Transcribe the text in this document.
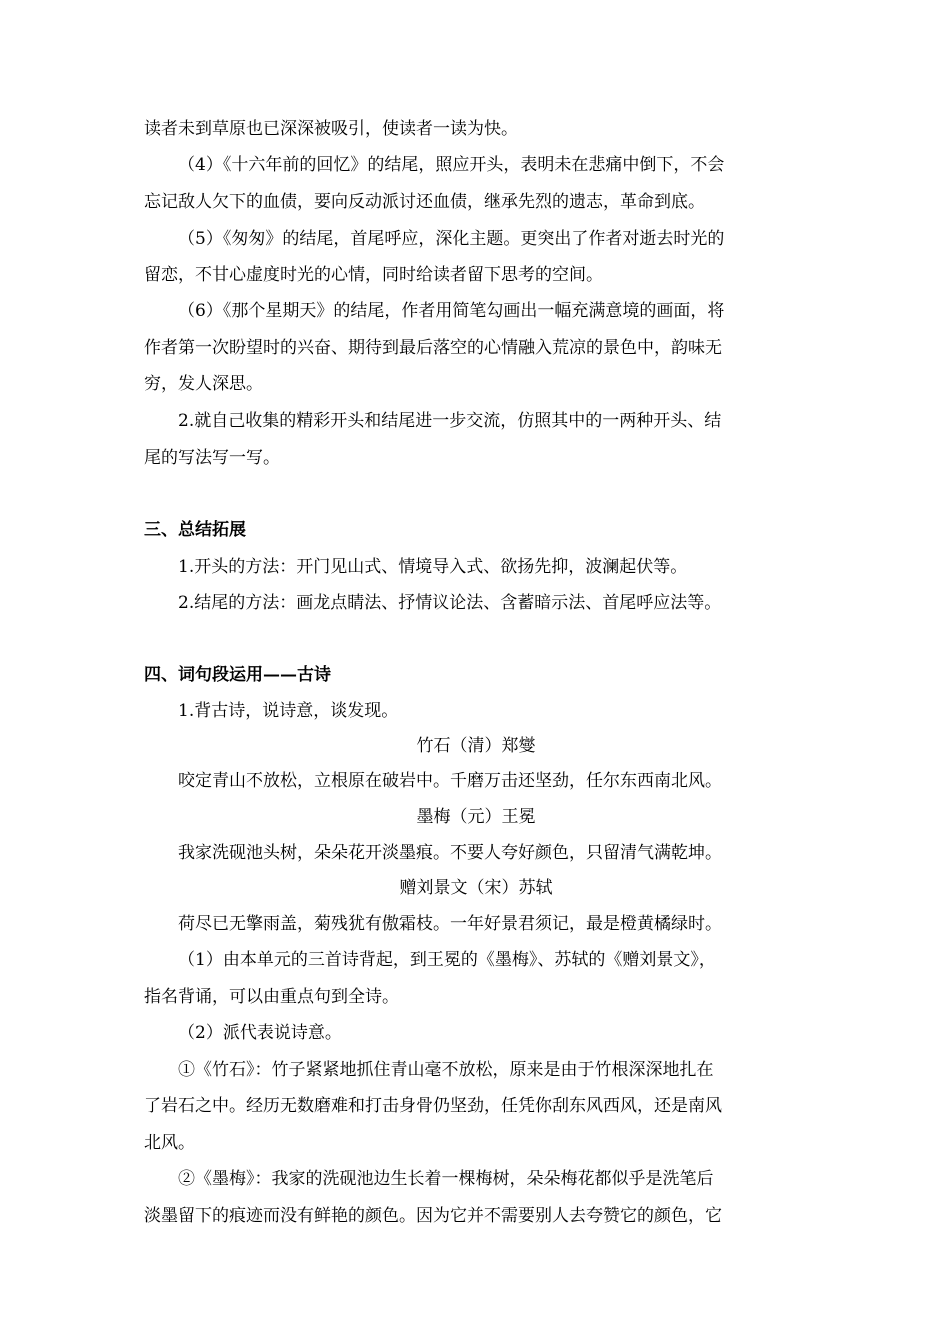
读者未到草原也已深深被吸引，使读者一读为快。
（4）《十六年前的回忆》的结尾，照应开头，表明未在悲痛中倒下，不会
忘记敌人欠下的血债，要向反动派讨还血债，继承先烈的遗志，革命到底。
（5）《匆匆》的结尾，首尾呼应，深化主题。更突出了作者对逝去时光的
留恋，不甘心虚度时光的心情，同时给读者留下思考的空间。
（6）《那个星期天》的结尾，作者用简笔勾画出一幅充满意境的画面，将
作者第一次盼望时的兴奋、期待到最后落空的心情融入荒凉的景色中，韵味无
穷，发人深思。
2.就自己收集的精彩开头和结尾进一步交流，仿照其中的一两种开头、结
尾的写法写一写。
三、总结拓展
1.开头的方法：开门见山式、情境导入式、欲扬先抑，波澜起伏等。
2.结尾的方法：画龙点睛法、抒情议论法、含蓄暗示法、首尾呼应法等。
四、词句段运用——古诗
1.背古诗，说诗意，谈发现。
竹石（清）郑燮
咬定青山不放松，立根原在破岩中。千磨万击还坚劲，任尔东西南北风。
墨梅（元）王冕
我家洗砚池头树，朵朵花开淡墨痕。不要人夸好颜色，只留清气满乾坤。
赠刘景文（宋）苏轼
荷尽已无擎雨盖，菊残犹有傲霜枝。一年好景君须记，最是橙黄橘绿时。
（1）由本单元的三首诗背起，到王冕的《墨梅》、苏轼的《赠刘景文》，
指名背诵，可以由重点句到全诗。
（2）派代表说诗意。
①《竹石》：竹子紧紧地抓住青山毫不放松，原来是由于竹根深深地扎在
了岩石之中。经历无数磨难和打击身骨仍坚劲，任凭你刮东风西风，还是南风
北风。
②《墨梅》：我家的洗砚池边生长着一棵梅树，朵朵梅花都似乎是洗笔后
淡墨留下的痕迹而没有鲜艳的颜色。因为它并不需要别人去夸赞它的颜色，它
